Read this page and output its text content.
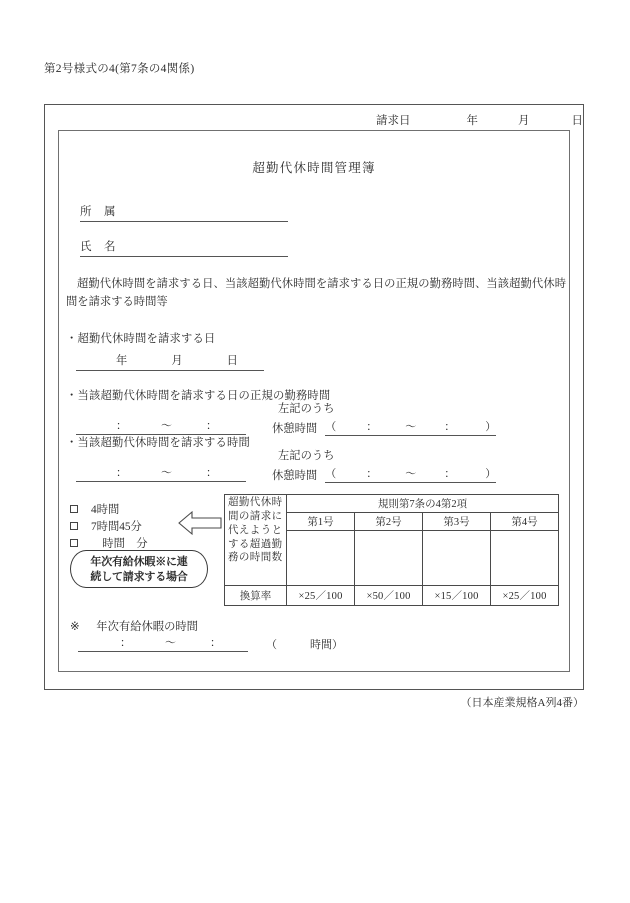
第2号様式の4(第7条の4関係)
請求日	年	月	日
超勤代休時間管理簿
所　属
氏　名
超勤代休時間を請求する日、当該超勤代休時間を請求する日の正規の勤務時間、当該超勤代休時間を請求する時間等
・超勤代休時間を請求する日
年	月	日
・当該超勤代休時間を請求する日の正規の勤務時間
：	～	：
左記のうち
休憩時間 （	：	～	：	）
・当該超勤代休時間を請求する時間
：	～	：
左記のうち
休憩時間 （	：	～	：	）
4時間
7時間45分
　時間　分
年次有給休暇※に連
続して請求する場合
超勤代休時間の請求に代えようとする超過勤務の時間数	規則第7条の4第2項			
	第1号	第2号	第3号	第4号

換算率	×25／100	×50／100	×15／100	×25／100
※ 年次有給休暇の時間
：	～	：	（　　　時間）
（日本産業規格A列4番）
